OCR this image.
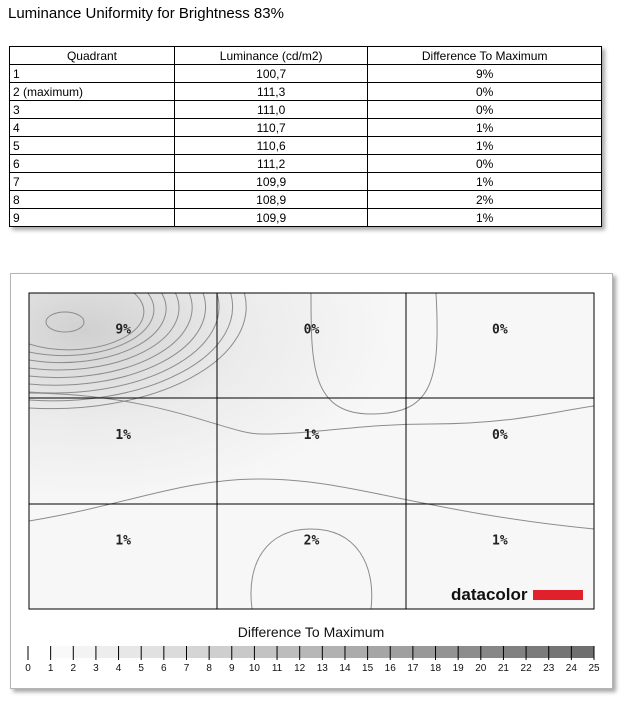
Luminance Uniformity for Brightness 83%
Quadrant	Luminance (cd/m2)	Difference To Maximum
1	100,7	9%
2 (maximum)	111,3	0%
3	111,0	0%
4	110,7	1%
5	110,6	1%
6	111,2	0%
7	109,9	1%
8	108,9	2%
9	109,9	1%
9%	0%	0%
1%	1%	0%
1%	2%	1%
datacolor
Difference To Maximum
0 1 2 3 4 5 6 7 8 9 10 11 12 13 14 15 16 17 18 19 20 21 22 23 24 25
